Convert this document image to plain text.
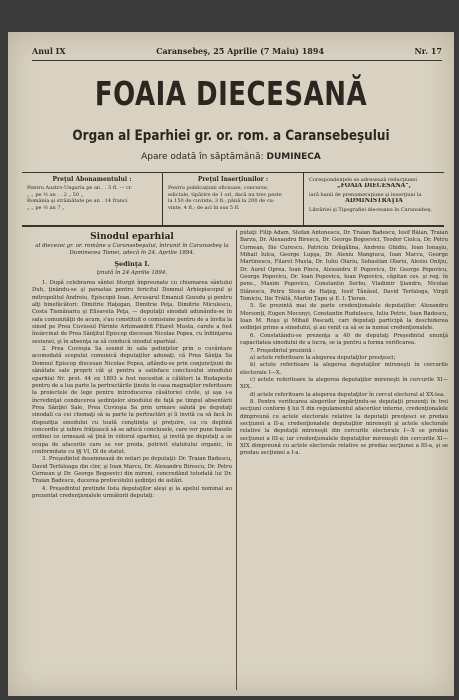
Anul IX	Caransebeş, 25 Aprilie (7 Maiu) 1894	Nr. 17
FOAIA DIECESANĂ
Organ al Eparhiei gr. or. rom. a Caransebeşului
Apare odată în săptămână: DUMINECA
Preţul Abonamentului :
Pentru Austro-Ungaria pe an . . 5 fl. — cr.
„ „ pe ½ an . . 2 „ 50 „
România şi străinătate pe an . 14 franci
„ „ pe ½ an 7 „
Preţul Inserţiunilor :
Pentru publicaţiuni oficioase, concurse,
edictale, tipărire de 1 ori, dacă nu trec peste
la 150 de cuvinte, 3 fl.; până la 200 de cu-
vinte, 4 fl.; de aci în sus 5 fl.
Corespondenţele se adresează redacţiunei
„FOAIA DIECESANĂ“,
iară banii de prenumeraţiune şi inserţiuni la
ADMINISTRAŢIA
Librăriei şi Tipografiei diecesane în Caransebeş.
Sinodul eparhial
al diecezei gr. or. române a Caransebeşului, întrunit în Caransebeş la Duminecea Tomei, adecă în 24. Aprilie 1894.
Şedinţa I.
ţinută în 24 Aprilie 1894.

1. După celebrarea sântei liturgii împreunate cu chiemarea sântului Duh, ţinându-se şi parastas pentru fericitul Domnul Arhiepiscopul şi mitropolitul Andreiu, Episcopii Ioan, Arcusarul Emanuil Gozsdu şi pentru alţi binefăcători: Dimitrie Haţegan, Dimitrie Peţa, Dimitrie Miculescu, Costa Tismănariu şi Elisaveta Peţa, — deputaţii sinodali adunându-se în sala comunităţii de acum, s'au constituit o comisiune pentru de a învita la sinod pe Prea Cuviosul Părinte Arhimandrit Filaret Musta, carele a fost însărcinat de Prea Sânţitul Episcop diecesan Nicolae Popea, cu înfiinţarea sesiunei, şi în absenţa sa să conducă sinodul eparhial.

2. Prea Cuvioşia Sa sosind în sala şedinţelor prin o cuvântare acomodată scopului comunică deputaţilor adunaţi, că Prea Sânţia Sa Domnul Episcop diecesan Nicolae Popea, aflându-se prin conjuncţiuni de sănătate sale proprii cât şi pentru a satisface conclusului sinodului eparhial Nr. prot. 44 ex 1893 a fost necesitat a călători la Budapesta pentru de a lua parte la pertractările ţinute în casa magnaţilor referitoare la proiectele de lege pentru introducerea căsătoriei civile, şi aşa i-a încredinţat conducerea şedinţelor sinodului de faţă pe timpul absentării Prea Sânţiei Sale, Prea Cuvioşia Sa prin urmare salută pe deputaţi sinodali ca cei chemaţi să ia parte la pertractări şi îi invită ca să facă în dispoziţia sinodului cu toată conştiinţa şi preţuire, ca cu deplină concordie şi iubire frăţească să se aducă conclusele, care vor pune basele ordinei ce urmează să ţină în viitorul eparhiei, şi invită pe deputaţi a se ocupa de afacerile care se vor preda, potrivit statutului organic, în conformitate cu §§ VI, IX de statut.

3. Preşedintul desemnează de notari pe deputaţii: Dr. Traian Badescu, David Terfaloaga din cler, şi Ioan Marcu, Dr. Alexandru Birescu, Dr. Petru Cornean şi Dr. George Bogoevici din mireni, concredând totodată lui Dr. Traian Badescu, ducerea protocolului şedinţei de astăzi.

4. Preşedintul pretinde lista deputaţilor aleşi şi la apelul nominal au prezentat credenţionalele următorii deputaţi:

putaţi: Filip Adam, Stefan Antonescu, Dr. Traian Badescu, Iosif Bălan, Traian Barzu, Dr. Alexandru Birescu, Dr. George Bogoevici, Teodor Ciolca, Dr. Petru Cornean, Ilie Curescu, Patriciu Drăgălina, Andreiu Ghidiu, Ioan Ionaşiu, Mihail Iulca, George Lupşa, Dr. Alexiu Mangiuca, Ioan Marcu, George Martinescu, Filaret Musta, Dr. Iuliu Olariu, Sebastian Olariu, Alexiu Oniţiu, Dr. Aurel Oprea, Ioan Pincu, Alexandru P. Popovicu, Dr. George Popovicu, George Popovicu, Dr. Ioan Popovicu, Ioan Popovicu, căpitan ces. şi reg. în pens., Maxim Popovicu, Constantin Serbu, Vladimir Şiandru, Nicolae Stănescu, Petru Stoica de Haţeg, Iosif Tânăsel, David Terfaloga, Virgil Tomiciu, Ilie Trăilă, Martin Ţapu şi E. I. Ţieran.

5. Se prezintă mai de parte credenţionalele deputaţilor: Alexandru Morsonţi, Eugen Moconyi, Constantin Rudulescu, Iuliu Petric, Ioan Badescu, Ioan M. Roşu şi Mihail Pascadi, cari deputaţi participă la deschiderea sedinţei prime a sinodului, şi au venit ca să se ia numai credenţionalele.

6. Constatându-se prezenţa a 40 de deputaţi Preşedintul enunţă capacitatea sinodului de a lucra, se ia pentru a forma verificarea.

7. Preşedintul prezintă :

a) actele referitoare la alegerea deputaţilor preoţesci;

b) actele referitoare la alegerea deputaţilor mireneşti în cercurile electorale I—X.

c) actele referitoare la alegerea deputaţilor mireneşti în cercurile XI—XIX.

d) actele referitoare la alegerea deputaţilor în cercul electoral al XX-lea.

8. Pentru verificarea alegerilor împărţindu-se deputaţii prezenţi în trei secţiuni conform § lui 5 din regulamentul afacerilor interne, credenţionalele dimpreună cu actele electorale relative la deputaţii preoţesci se predau secţiunei a II-a; credenţionalele deputaţilor mireneşti şi actele electorale relative la deputaţii mireneşti din cercurile electorale I—X se predau secţiunei a III-a; iar credenţionalele deputaţilor mireneşti din cercurile XI—XIX dimpreună cu actele electorale relative se predau secţiunei a III-a, şi se predau secţiunei a I-a.
